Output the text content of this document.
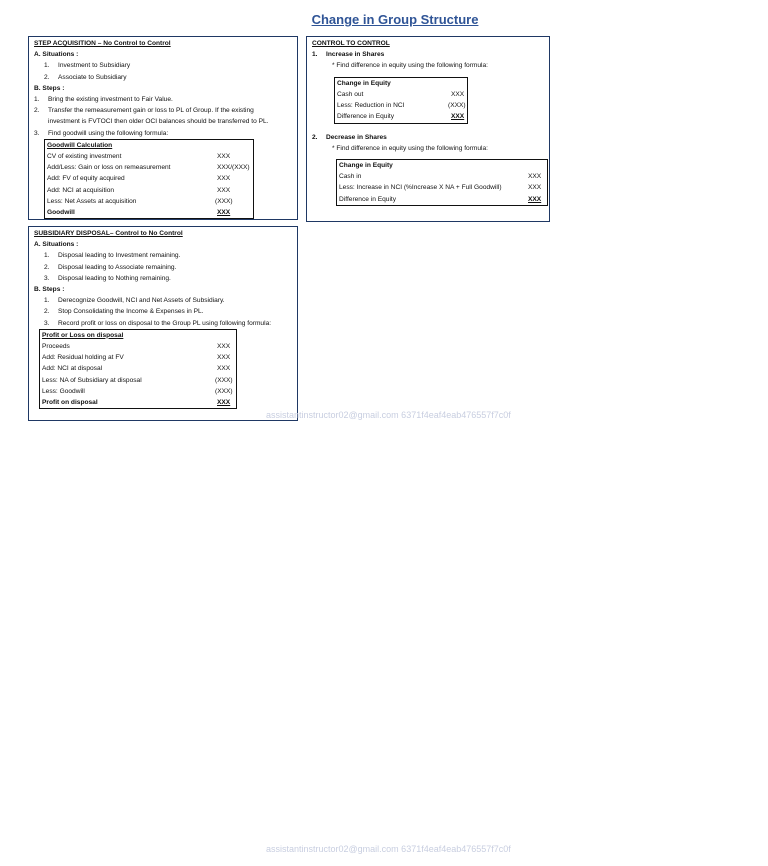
Change in Group Structure
STEP ACQUISITION – No Control to Control
A. Situations :
1. Investment to Subsidiary
2. Associate to Subsidiary
B. Steps :
1. Bring the existing investment to Fair Value.
2. Transfer the remeasurement gain or loss to PL of Group. If the existing
investment is FVTOCI then older OCI balances should be transferred to PL.
3. Find goodwill using the following formula:
Goodwill Calculation
CV of existing investment	XXX
Add/Less: Gain or loss on remeasurement	XXX/(XXX)
Add: FV of equity acquired	XXX
Add: NCI at acquisition	XXX
Less: Net Assets at acquisition	(XXX)
Goodwill	XXX
CONTROL TO CONTROL
1. Increase in Shares
* Find difference in equity using the following formula:
Change in Equity
Cash out	XXX
Less: Reduction in NCI	(XXX)
Difference in Equity	XXX
2. Decrease in Shares
* Find difference in equity using the following formula:
Change in Equity
Cash in	XXX
Less: Increase in NCI (%Increase X NA + Full Goodwill)	XXX
Difference in Equity	XXX
SUBSIDIARY DISPOSAL– Control to No Control
A. Situations :
1. Disposal leading to Investment remaining.
2. Disposal leading to Associate remaining.
3. Disposal leading to Nothing remaining.
B. Steps :
1. Derecognize Goodwill, NCI and Net Assets of Subsidiary.
2. Stop Consolidating the Income & Expenses in PL.
3. Record profit or loss on disposal to the Group PL using following formula:
Profit or Loss on disposal
Proceeds	XXX
Add: Residual holding at FV	XXX
Add: NCI at disposal	XXX
Less: NA of Subsidiary at disposal	(XXX)
Less: Goodwill	(XXX)
Profit on disposal	XXX
assistantinstructor02@gmail.com 6371f4eaf4eab476557f7c0f
assistantinstructor02@gmail.com 6371f4eaf4eab476557f7c0f
